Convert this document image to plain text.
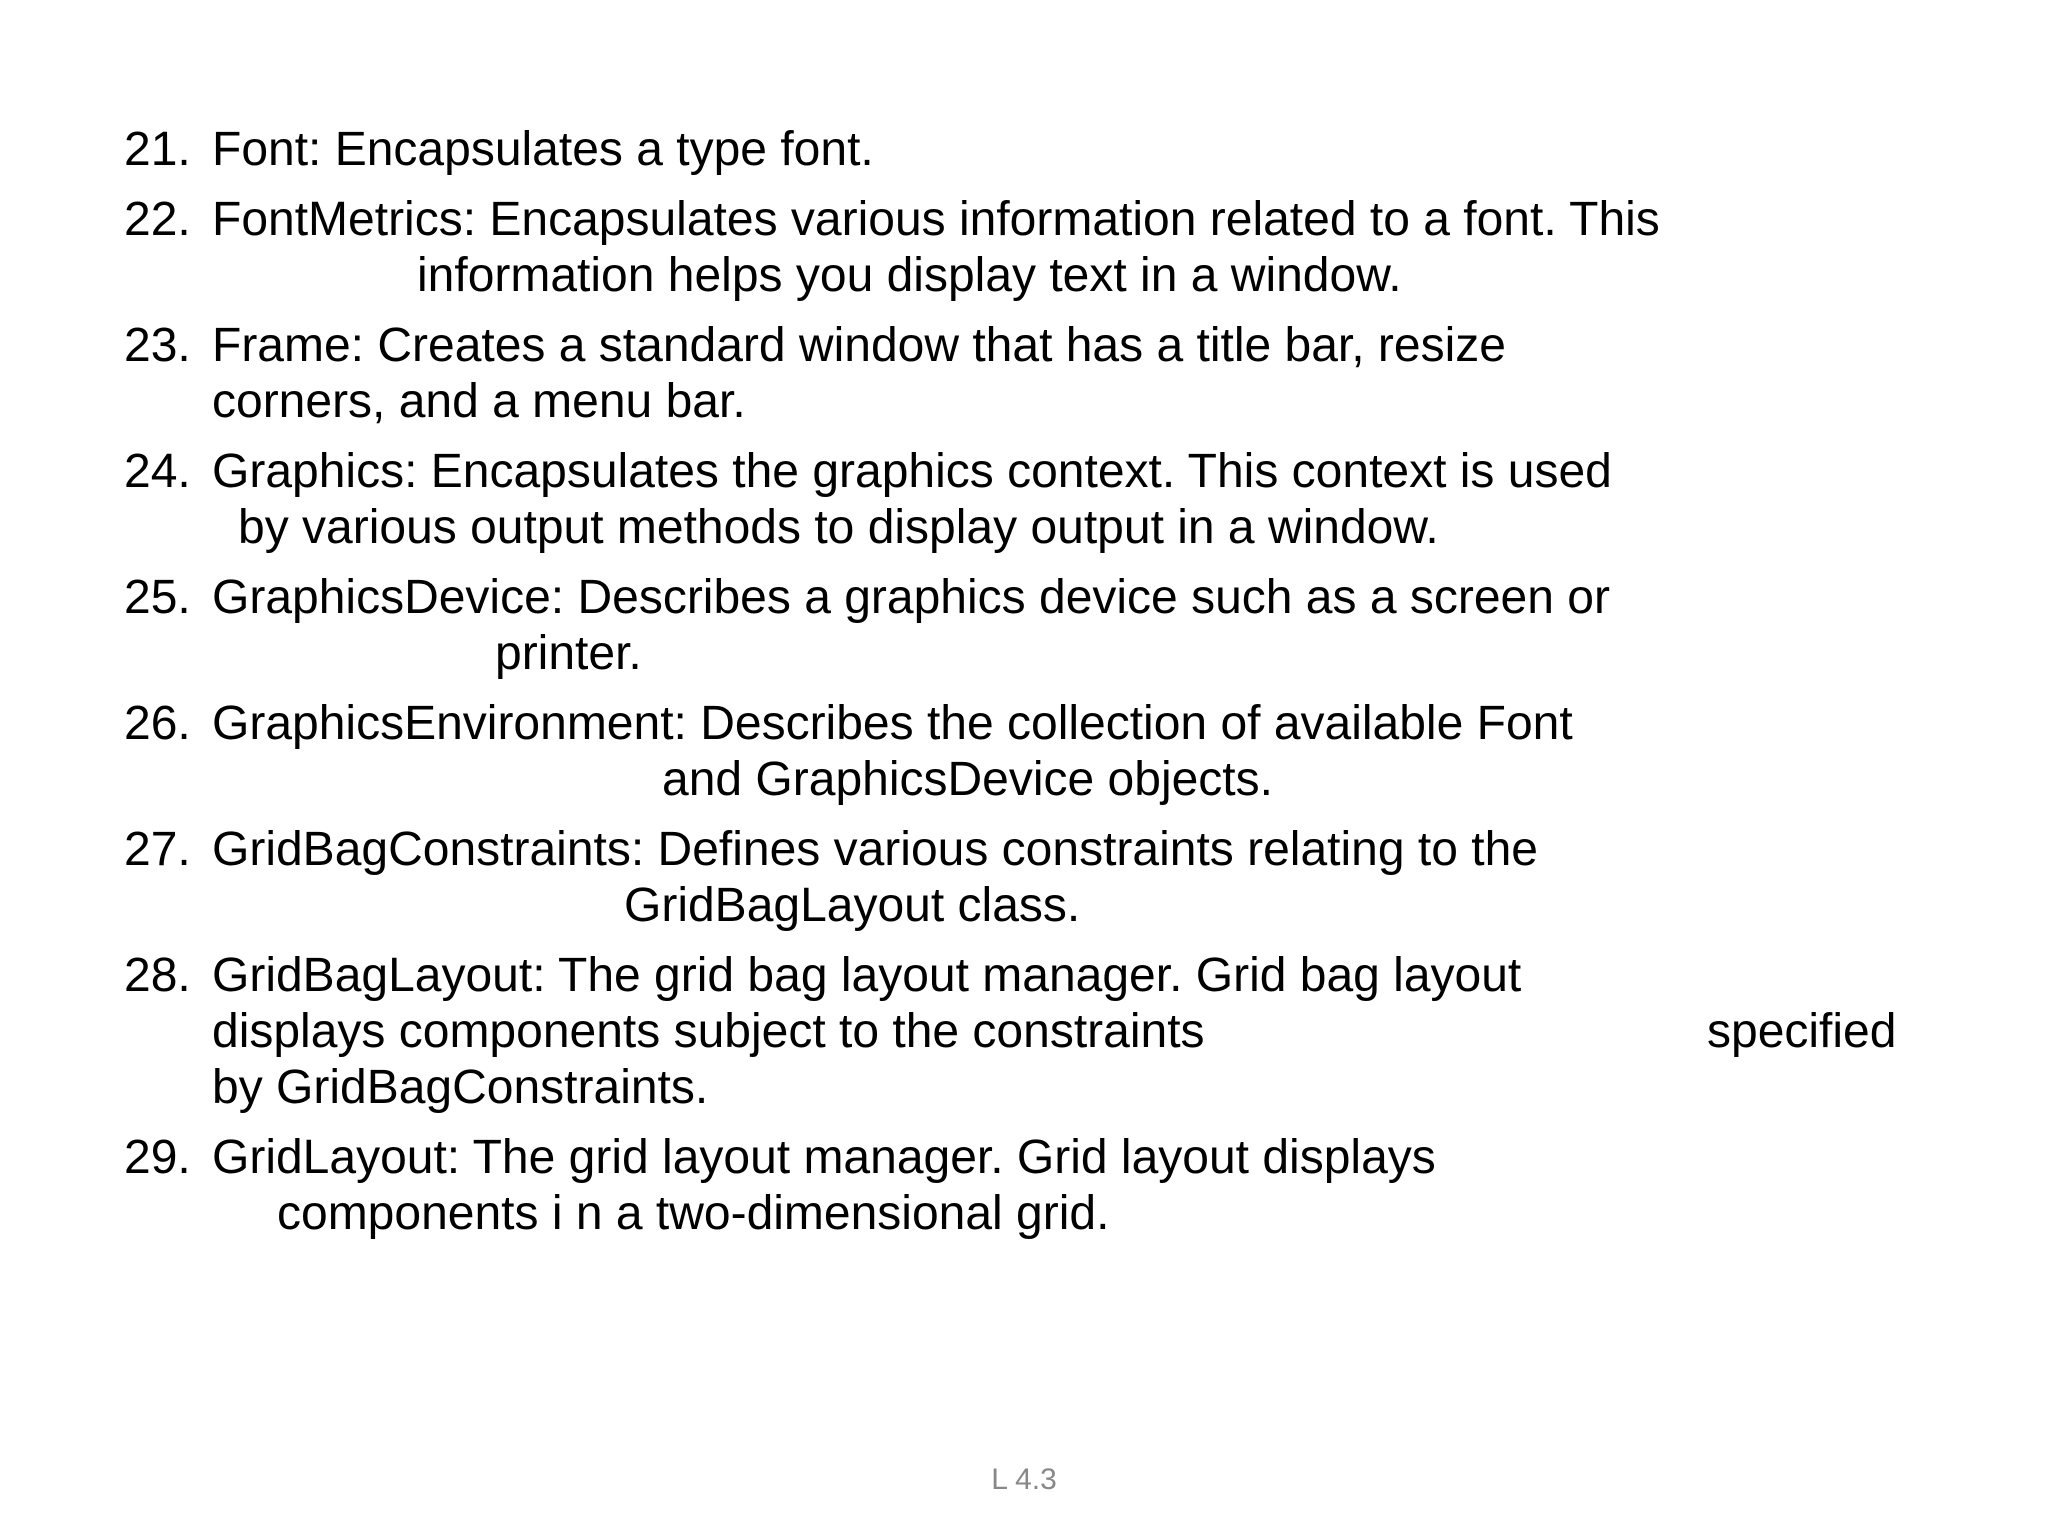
21. Font: Encapsulates a type font.
22. FontMetrics: Encapsulates various information related to a font. This
information helps you display text in a window.
23. Frame: Creates a standard window that has a title bar, resize
corners, and a menu bar.
24. Graphics: Encapsulates the graphics context. This context is used
by various output methods to display output in a window.
25. GraphicsDevice: Describes a graphics device such as a screen or
printer.
26. GraphicsEnvironment: Describes the collection of available Font
and GraphicsDevice objects.
27. GridBagConstraints: Defines various constraints relating to the
GridBagLayout class.
28. GridBagLayout: The grid bag layout manager. Grid bag layout
displays components subject to the constraints	specified
by GridBagConstraints.
29. GridLayout: The grid layout manager. Grid layout displays
components i n a two-dimensional grid.
L 4.3
